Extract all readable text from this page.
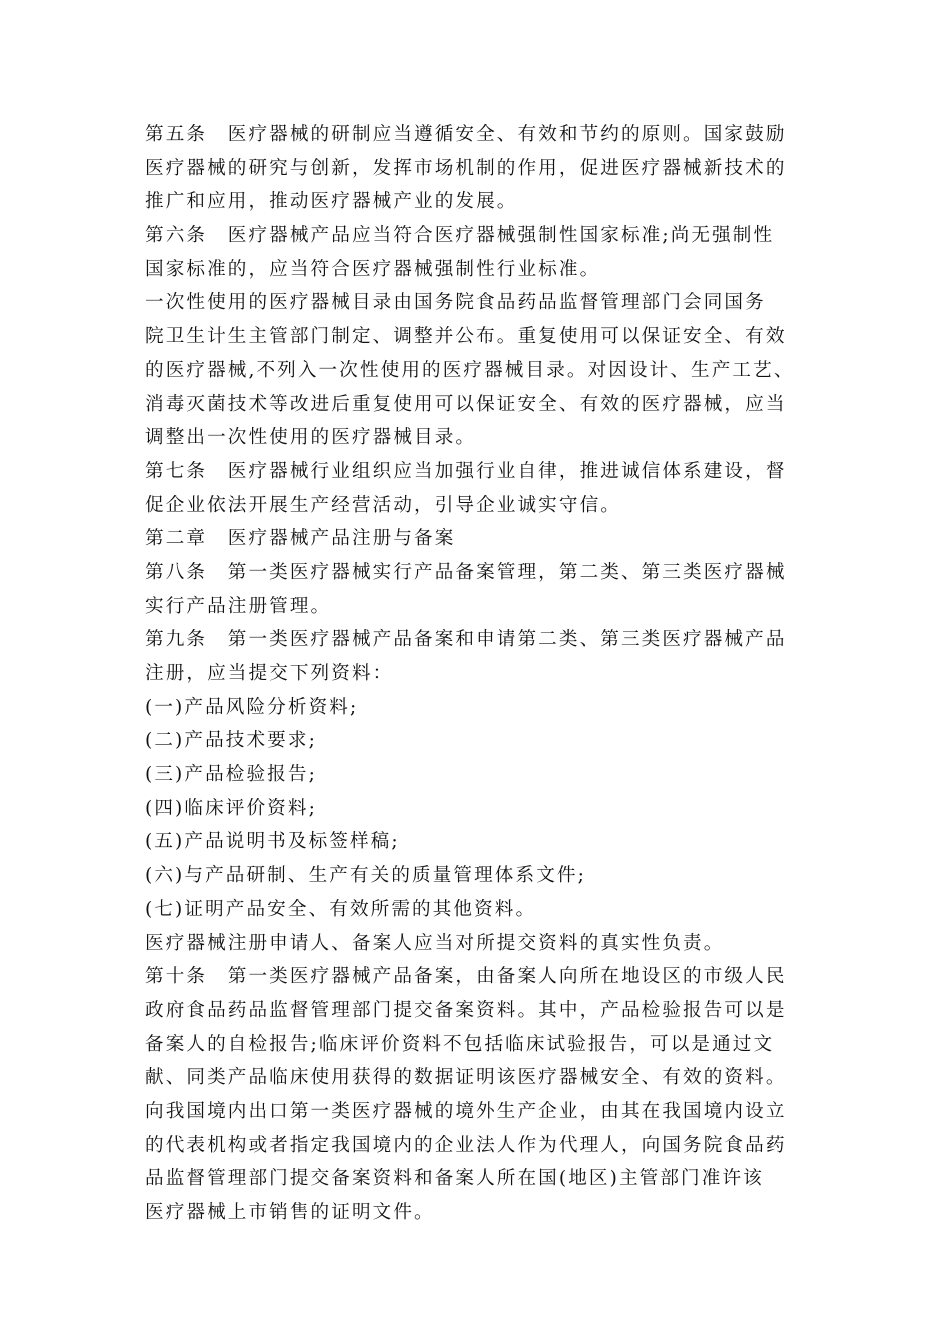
第五条　医疗器械的研制应当遵循安全、有效和节约的原则。国家鼓励
医疗器械的研究与创新，发挥市场机制的作用，促进医疗器械新技术的
推广和应用，推动医疗器械产业的发展。
第六条　医疗器械产品应当符合医疗器械强制性国家标准;尚无强制性
国家标准的，应当符合医疗器械强制性行业标准。
一次性使用的医疗器械目录由国务院食品药品监督管理部门会同国务
院卫生计生主管部门制定、调整并公布。重复使用可以保证安全、有效
的医疗器械,不列入一次性使用的医疗器械目录。对因设计、生产工艺、
消毒灭菌技术等改进后重复使用可以保证安全、有效的医疗器械，应当
调整出一次性使用的医疗器械目录。
第七条　医疗器械行业组织应当加强行业自律，推进诚信体系建设，督
促企业依法开展生产经营活动，引导企业诚实守信。
第二章　医疗器械产品注册与备案
第八条　第一类医疗器械实行产品备案管理，第二类、第三类医疗器械
实行产品注册管理。
第九条　第一类医疗器械产品备案和申请第二类、第三类医疗器械产品
注册，应当提交下列资料：
(一)产品风险分析资料;
(二)产品技术要求;
(三)产品检验报告;
(四)临床评价资料;
(五)产品说明书及标签样稿;
(六)与产品研制、生产有关的质量管理体系文件;
(七)证明产品安全、有效所需的其他资料。
医疗器械注册申请人、备案人应当对所提交资料的真实性负责。
第十条　第一类医疗器械产品备案，由备案人向所在地设区的市级人民
政府食品药品监督管理部门提交备案资料。其中，产品检验报告可以是
备案人的自检报告;临床评价资料不包括临床试验报告，可以是通过文
献、同类产品临床使用获得的数据证明该医疗器械安全、有效的资料。
向我国境内出口第一类医疗器械的境外生产企业，由其在我国境内设立
的代表机构或者指定我国境内的企业法人作为代理人，向国务院食品药
品监督管理部门提交备案资料和备案人所在国(地区)主管部门准许该
医疗器械上市销售的证明文件。
